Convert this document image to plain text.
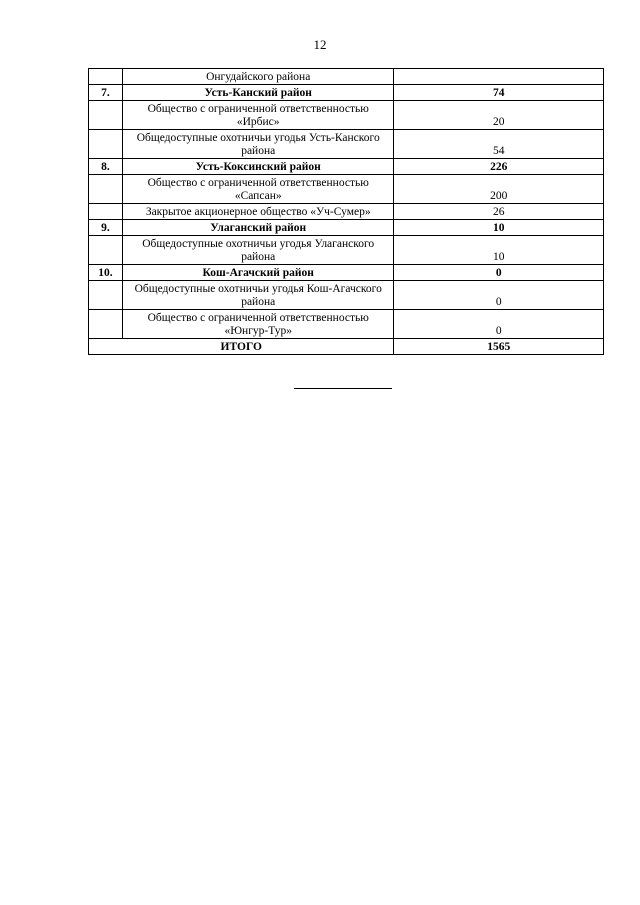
12
	Онгудайского района	
7.	Усть-Канский район	74
	Общество с ограниченной ответственностью «Ирбис»	20
	Общедоступные охотничьи угодья Усть-Канского района	54
8.	Усть-Коксинский район	226
	Общество с ограниченной ответственностью «Сапсан»	200
	Закрытое акционерное общество «Уч-Сумер»	26
9.	Улаганский район	10
	Общедоступные охотничьи угодья Улаганского района	10
10.	Кош-Агачский район	0
	Общедоступные охотничьи угодья Кош-Агачского района	0
	Общество с ограниченной ответственностью «Юнгур-Тур»	0
ИТОГО		1565
